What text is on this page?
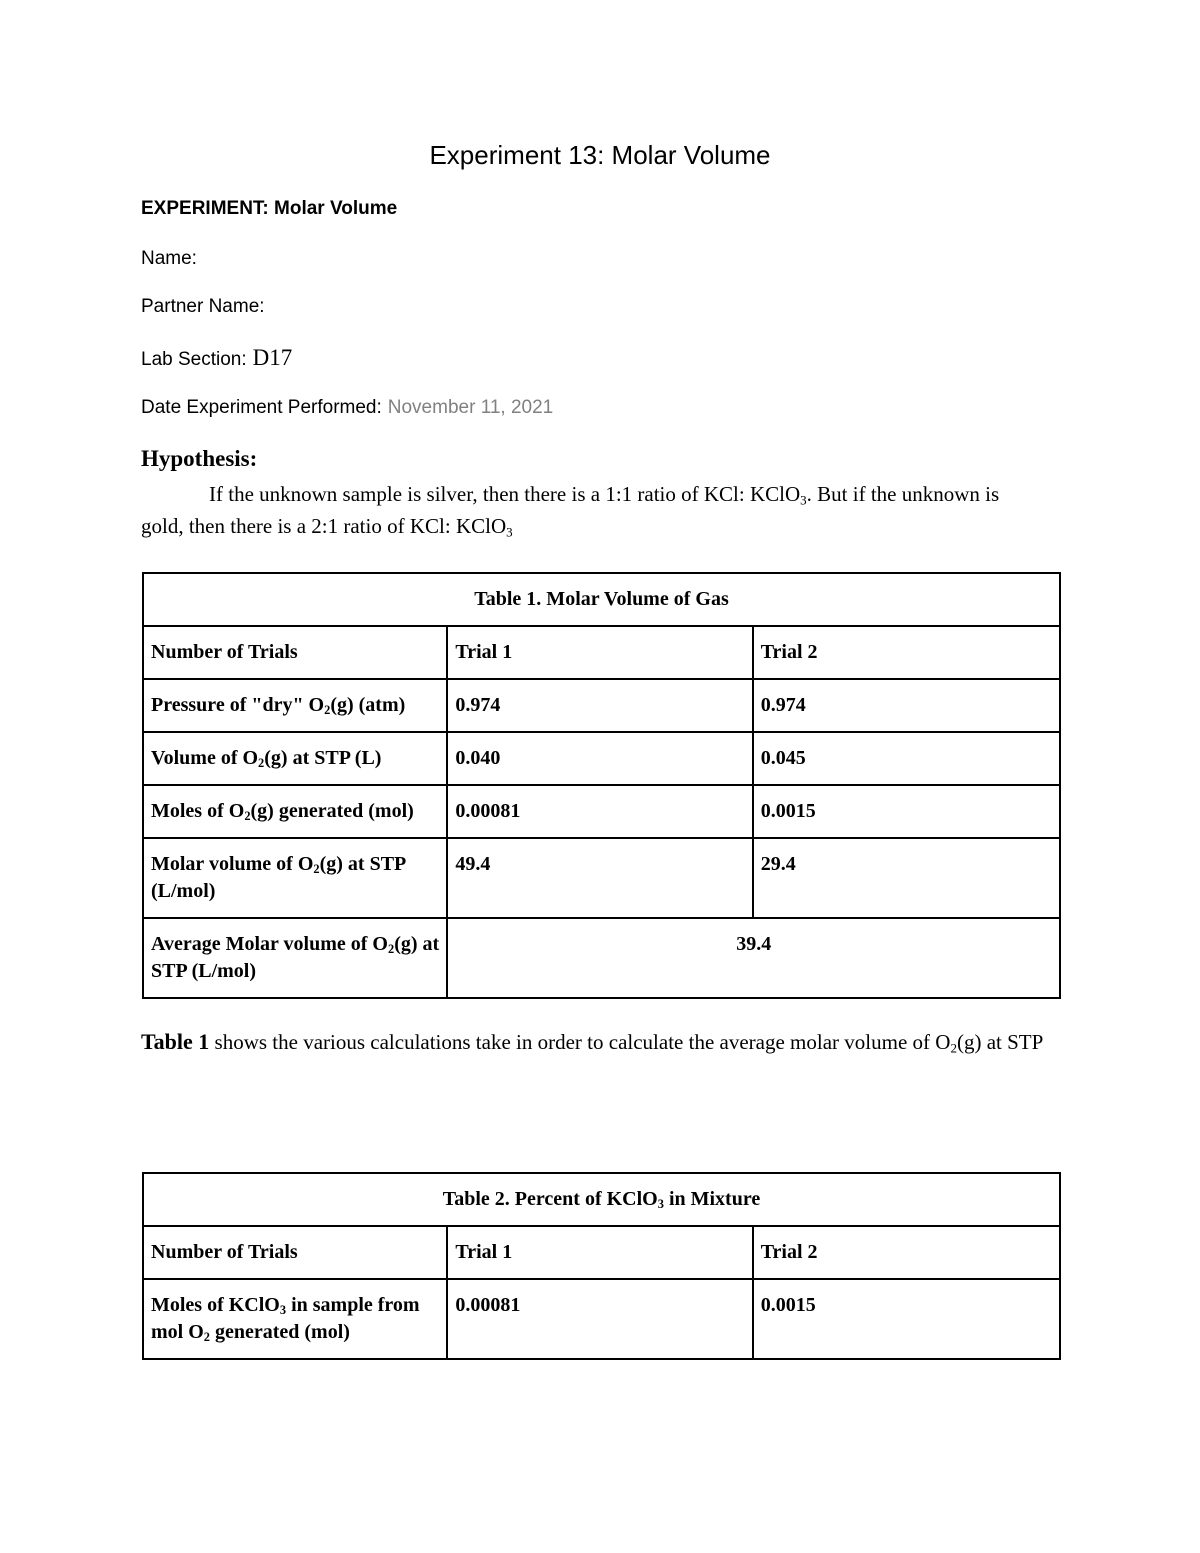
Experiment 13: Molar Volume
EXPERIMENT: Molar Volume
Name:
Partner Name:
Lab Section: D17
Date Experiment Performed: November 11, 2021
Hypothesis:
If the unknown sample is silver, then there is a 1:1 ratio of KCl: KClO$_3$. But if the unknown is gold, then there is a 2:1 ratio of KCl: KClO$_3$
Table 1. Molar Volume of Gas		
Number of Trials	Trial 1	Trial 2
Pressure of "dry" $O_2(g)$ (atm)	0.974	0.974
Volume of $O_2(g)$ at STP (L)	0.040	0.045
Moles of $O_2(g)$ generated (mol)	0.00081	0.0015
Molar volume of $O_2(g)$ at STP (L/mol)	49.4	29.4
Average Molar volume of $O_2(g)$ at STP (L/mol)	39.4	
Table 1 shows the various calculations take in order to calculate the average molar volume of $O_2(g)$ at STP
Table 2. Percent of KClO$_3$ in Mixture		
Number of Trials	Trial 1	Trial 2
Moles of KClO$_3$ in sample from mol $O_2$ generated (mol)	0.00081	0.0015
